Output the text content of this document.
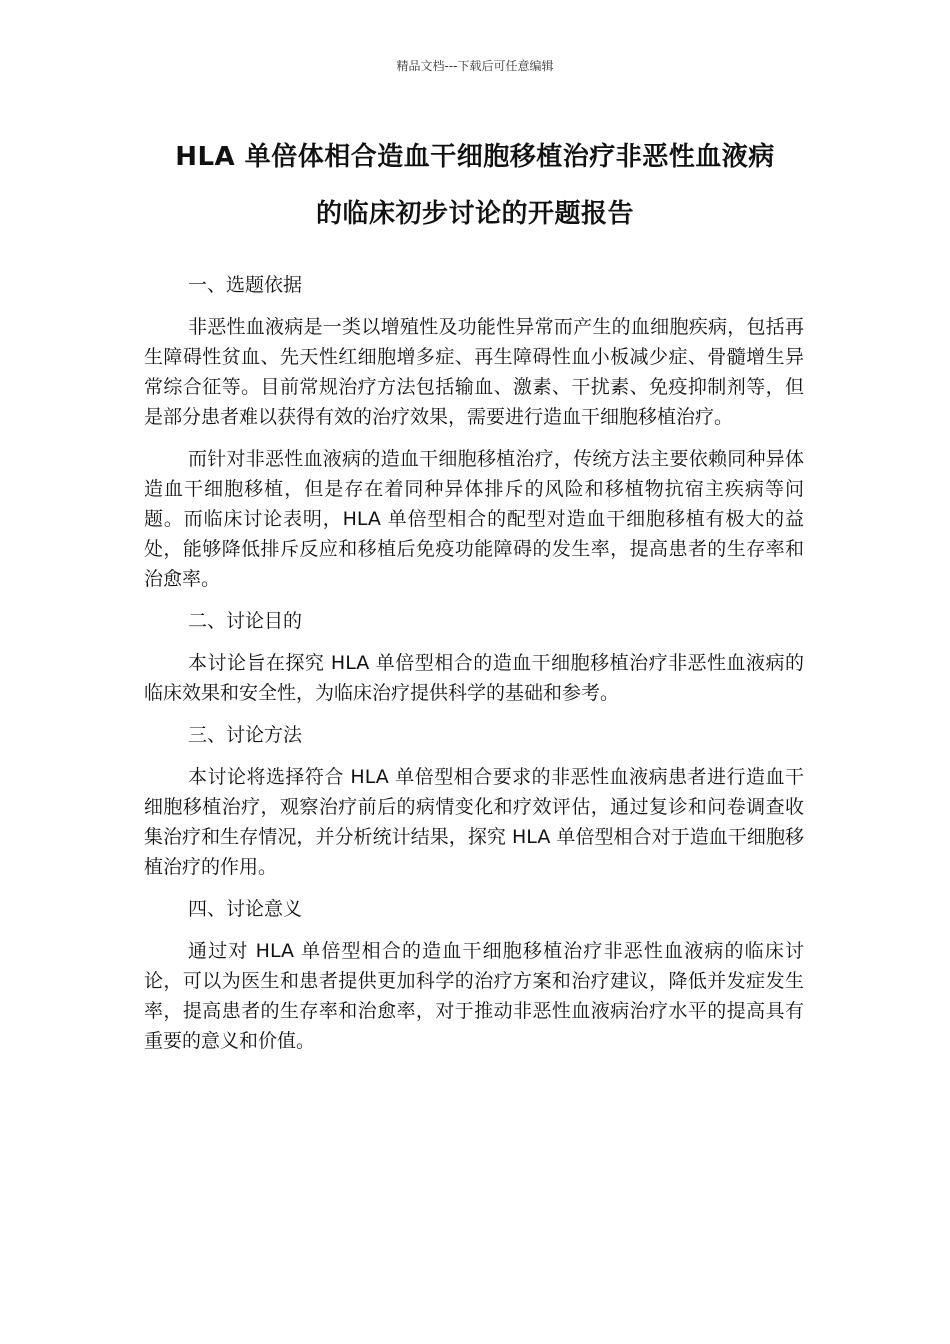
精品文档---下载后可任意编辑
HLA 单倍体相合造血干细胞移植治疗非恶性血液病
的临床初步讨论的开题报告
一、选题依据

非恶性血液病是一类以增殖性及功能性异常而产生的血细胞疾病，包括再生障碍性贫血、先天性红细胞增多症、再生障碍性血小板减少症、骨髓增生异常综合征等。目前常规治疗方法包括输血、激素、干扰素、免疫抑制剂等，但是部分患者难以获得有效的治疗效果，需要进行造血干细胞移植治疗。

而针对非恶性血液病的造血干细胞移植治疗，传统方法主要依赖同种异体造血干细胞移植，但是存在着同种异体排斥的风险和移植物抗宿主疾病等问题。而临床讨论表明，HLA 单倍型相合的配型对造血干细胞移植有极大的益处，能够降低排斥反应和移植后免疫功能障碍的发生率，提高患者的生存率和治愈率。

二、讨论目的

本讨论旨在探究 HLA 单倍型相合的造血干细胞移植治疗非恶性血液病的临床效果和安全性，为临床治疗提供科学的基础和参考。

三、讨论方法

本讨论将选择符合 HLA 单倍型相合要求的非恶性血液病患者进行造血干细胞移植治疗，观察治疗前后的病情变化和疗效评估，通过复诊和问卷调查收集治疗和生存情况，并分析统计结果，探究 HLA 单倍型相合对于造血干细胞移植治疗的作用。

四、讨论意义

通过对 HLA 单倍型相合的造血干细胞移植治疗非恶性血液病的临床讨论，可以为医生和患者提供更加科学的治疗方案和治疗建议，降低并发症发生率，提高患者的生存率和治愈率，对于推动非恶性血液病治疗水平的提高具有重要的意义和价值。
